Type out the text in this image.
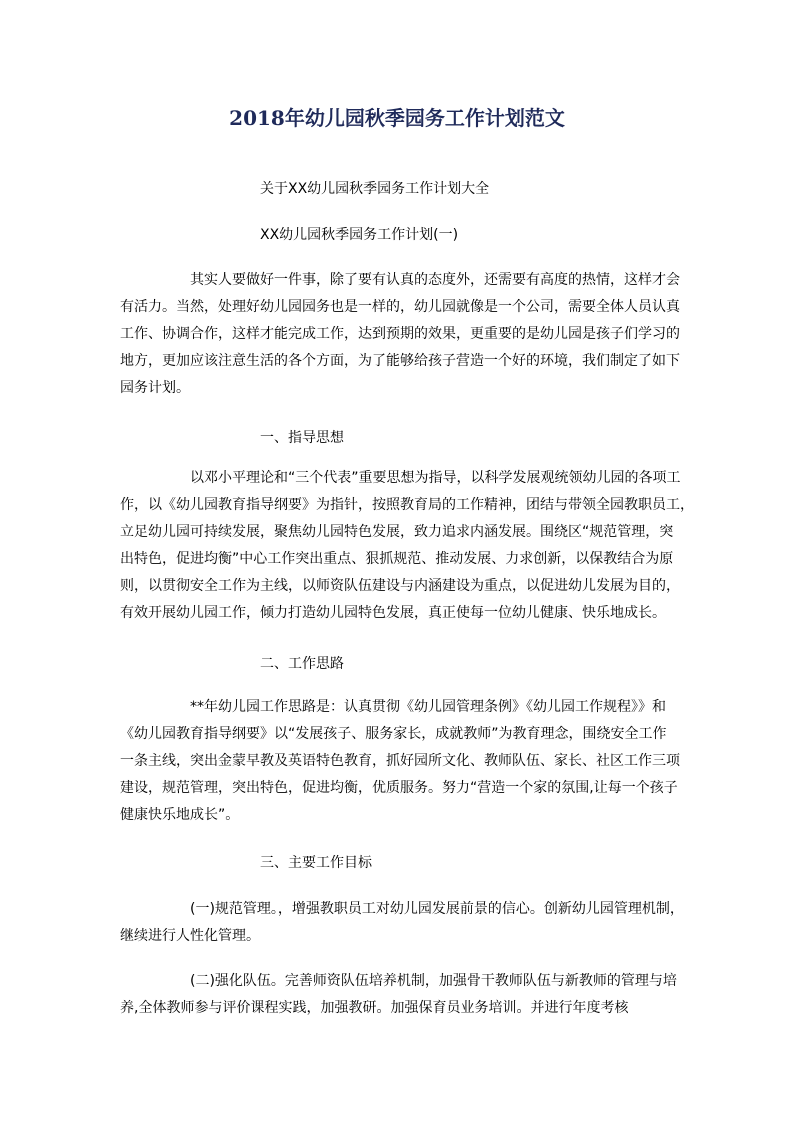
2018年幼儿园秋季园务工作计划范文
关于XX幼儿园秋季园务工作计划大全
XX幼儿园秋季园务工作计划(一)
其实人要做好一件事，除了要有认真的态度外，还需要有高度的热情，这样才会
有活力。当然，处理好幼儿园园务也是一样的，幼儿园就像是一个公司，需要全体人员认真
工作、协调合作，这样才能完成工作，达到预期的效果，更重要的是幼儿园是孩子们学习的
地方，更加应该注意生活的各个方面，为了能够给孩子营造一个好的环境，我们制定了如下
园务计划。
一、指导思想
以邓小平理论和“三个代表”重要思想为指导，以科学发展观统领幼儿园的各项工
作，以《幼儿园教育指导纲要》为指针，按照教育局的工作精神，团结与带领全园教职员工，
立足幼儿园可持续发展，聚焦幼儿园特色发展，致力追求内涵发展。围绕区“规范管理，突
出特色，促进均衡”中心工作突出重点、狠抓规范、推动发展、力求创新，以保教结合为原
则，以贯彻安全工作为主线，以师资队伍建设与内涵建设为重点，以促进幼儿发展为目的，
有效开展幼儿园工作，倾力打造幼儿园特色发展，真正使每一位幼儿健康、快乐地成长。
二、工作思路
**年幼儿园工作思路是：认真贯彻《幼儿园管理条例》《幼儿园工作规程》》和
《幼儿园教育指导纲要》以“发展孩子、服务家长，成就教师”为教育理念，围绕安全工作
一条主线，突出金蒙早教及英语特色教育，抓好园所文化、教师队伍、家长、社区工作三项
建设，规范管理，突出特色，促进均衡，优质服务。努力“营造一个家的氛围,让每一个孩子
健康快乐地成长”。
三、主要工作目标
(一)规范管理。，增强教职员工对幼儿园发展前景的信心。创新幼儿园管理机制，
继续进行人性化管理。
(二)强化队伍。完善师资队伍培养机制，加强骨干教师队伍与新教师的管理与培
养,全体教师参与评价课程实践，加强教研。加强保育员业务培训。并进行年度考核
